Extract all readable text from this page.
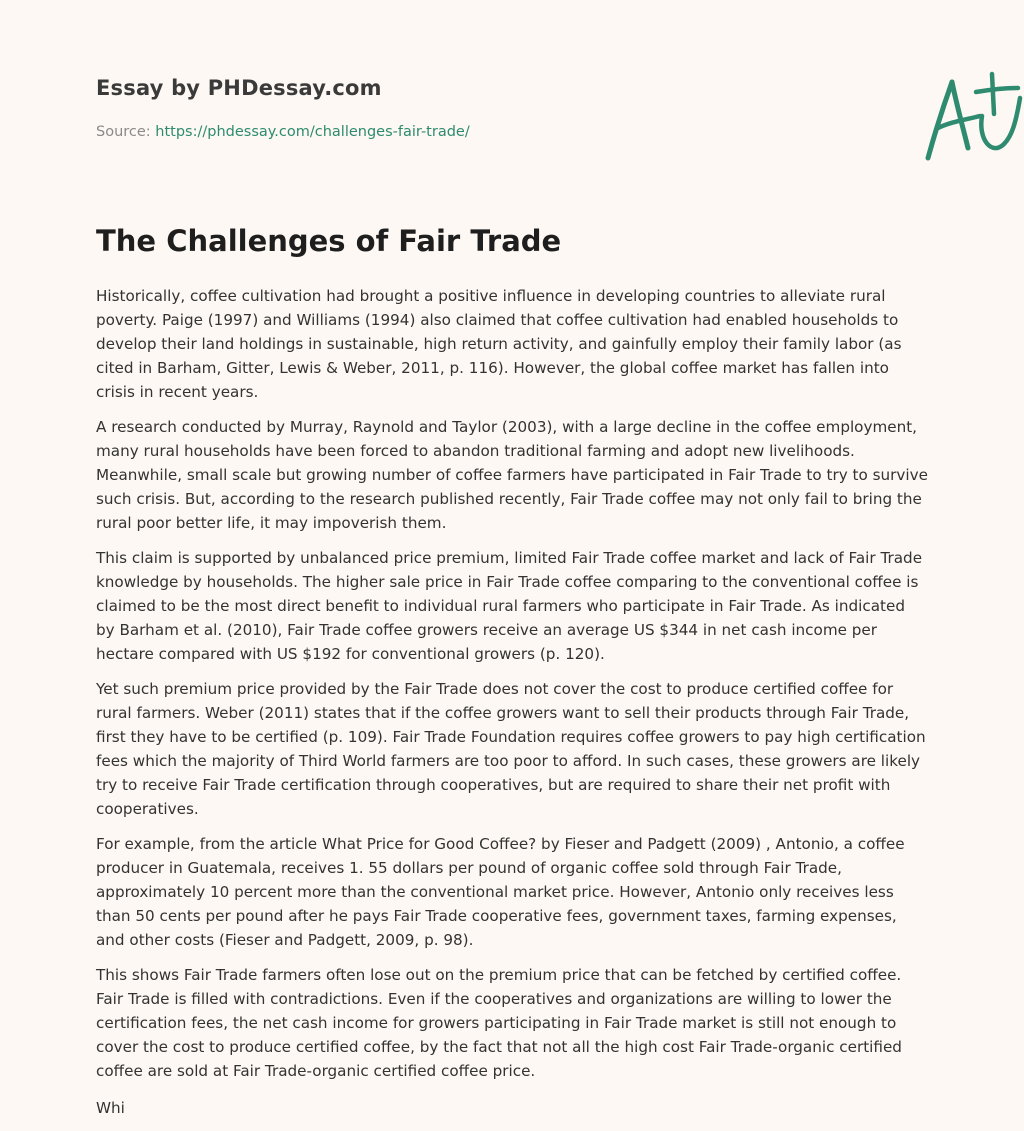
Essay by PHDessay.com
Source: https://phdessay.com/challenges-fair-trade/
The Challenges of Fair Trade

Historically, coffee cultivation had brought a positive influence in developing countries to alleviate rural poverty. Paige (1997) and Williams (1994) also claimed that coffee cultivation had enabled households to develop their land holdings in sustainable, high return activity, and gainfully employ their family labor (as cited in Barham, Gitter, Lewis & Weber, 2011, p. 116). However, the global coffee market has fallen into crisis in recent years.

A research conducted by Murray, Raynold and Taylor (2003), with a large decline in the coffee employment, many rural households have been forced to abandon traditional farming and adopt new livelihoods. Meanwhile, small scale but growing number of coffee farmers have participated in Fair Trade to try to survive such crisis. But, according to the research published recently, Fair Trade coffee may not only fail to bring the rural poor better life, it may impoverish them.

This claim is supported by unbalanced price premium, limited Fair Trade coffee market and lack of Fair Trade knowledge by households. The higher sale price in Fair Trade coffee comparing to the conventional coffee is claimed to be the most direct benefit to individual rural farmers who participate in Fair Trade. As indicated by Barham et al. (2010), Fair Trade coffee growers receive an average US $344 in net cash income per hectare compared with US $192 for conventional growers (p. 120).

Yet such premium price provided by the Fair Trade does not cover the cost to produce certified coffee for rural farmers. Weber (2011) states that if the coffee growers want to sell their products through Fair Trade, first they have to be certified (p. 109). Fair Trade Foundation requires coffee growers to pay high certification fees which the majority of Third World farmers are too poor to afford. In such cases, these growers are likely try to receive Fair Trade certification through cooperatives, but are required to share their net profit with cooperatives.

For example, from the article What Price for Good Coffee? by Fieser and Padgett (2009) , Antonio, a coffee producer in Guatemala, receives 1. 55 dollars per pound of organic coffee sold through Fair Trade, approximately 10 percent more than the conventional market price. However, Antonio only receives less than 50 cents per pound after he pays Fair Trade cooperative fees, government taxes, farming expenses, and other costs (Fieser and Padgett, 2009, p. 98).

This shows Fair Trade farmers often lose out on the premium price that can be fetched by certified coffee. Fair Trade is filled with contradictions. Even if the cooperatives and organizations are willing to lower the certification fees, the net cash income for growers participating in Fair Trade market is still not enough to cover the cost to produce certified coffee, by the fact that not all the high cost Fair Trade-organic certified coffee are sold at Fair Trade-organic certified coffee price.

Whi
